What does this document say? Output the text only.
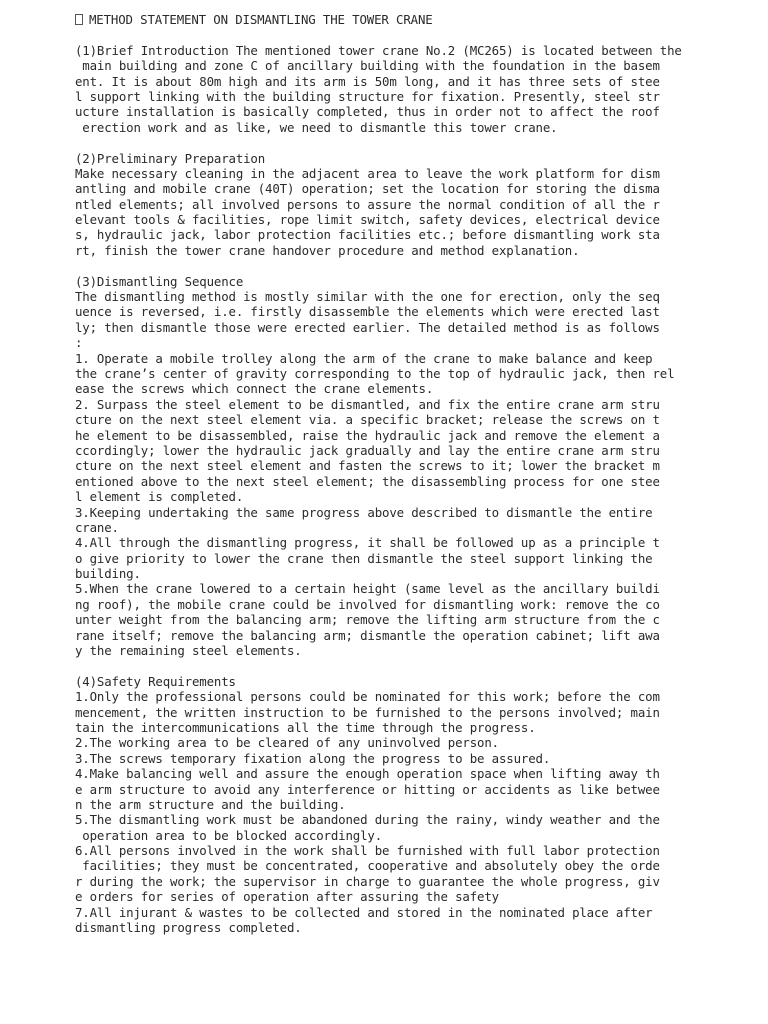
METHOD STATEMENT ON DISMANTLING THE TOWER CRANE
(1)Brief Introduction The mentioned tower crane No.2 (MC265) is located between the
main building and zone C of ancillary building with the foundation in the basem
ent. It is about 80m high and its arm is 50m long, and it has three sets of stee
l support linking with the building structure for fixation. Presently, steel str
ucture installation is basically completed, thus in order not to affect the roof
erection work and as like, we need to dismantle this tower crane.
(2)Preliminary Preparation
Make necessary cleaning in the adjacent area to leave the work platform for dism
antling and mobile crane (40T) operation; set the location for storing the disma
ntled elements; all involved persons to assure the normal condition of all the r
elevant tools & facilities, rope limit switch, safety devices, electrical device
s, hydraulic jack, labor protection facilities etc.; before dismantling work sta
rt, finish the tower crane handover procedure and method explanation.
(3)Dismantling Sequence
The dismantling method is mostly similar with the one for erection, only the seq
uence is reversed, i.e. firstly disassemble the elements which were erected last
ly; then dismantle those were erected earlier. The detailed method is as follows
:
1. Operate a mobile trolley along the arm of the crane to make balance and keep
the crane’s center of gravity corresponding to the top of hydraulic jack, then rel
ease the screws which connect the crane elements.
2. Surpass the steel element to be dismantled, and fix the entire crane arm stru
cture on the next steel element via. a specific bracket; release the screws on t
he element to be disassembled, raise the hydraulic jack and remove the element a
ccordingly; lower the hydraulic jack gradually and lay the entire crane arm stru
cture on the next steel element and fasten the screws to it; lower the bracket m
entioned above to the next steel element; the disassembling process for one stee
l element is completed.
3.Keeping undertaking the same progress above described to dismantle the entire
crane.
4.All through the dismantling progress, it shall be followed up as a principle t
o give priority to lower the crane then dismantle the steel support linking the
building.
5.When the crane lowered to a certain height (same level as the ancillary buildi
ng roof), the mobile crane could be involved for dismantling work: remove the co
unter weight from the balancing arm; remove the lifting arm structure from the c
rane itself; remove the balancing arm; dismantle the operation cabinet; lift awa
y the remaining steel elements.
(4)Safety Requirements
1.Only the professional persons could be nominated for this work; before the com
mencement, the written instruction to be furnished to the persons involved; main
tain the intercommunications all the time through the progress.
2.The working area to be cleared of any uninvolved person.
3.The screws temporary fixation along the progress to be assured.
4.Make balancing well and assure the enough operation space when lifting away th
e arm structure to avoid any interference or hitting or accidents as like betwee
n the arm structure and the building.
5.The dismantling work must be abandoned during the rainy, windy weather and the
operation area to be blocked accordingly.
6.All persons involved in the work shall be furnished with full labor protection
facilities; they must be concentrated, cooperative and absolutely obey the orde
r during the work; the supervisor in charge to guarantee the whole progress, giv
e orders for series of operation after assuring the safety
7.All injurant & wastes to be collected and stored in the nominated place after
dismantling progress completed.
